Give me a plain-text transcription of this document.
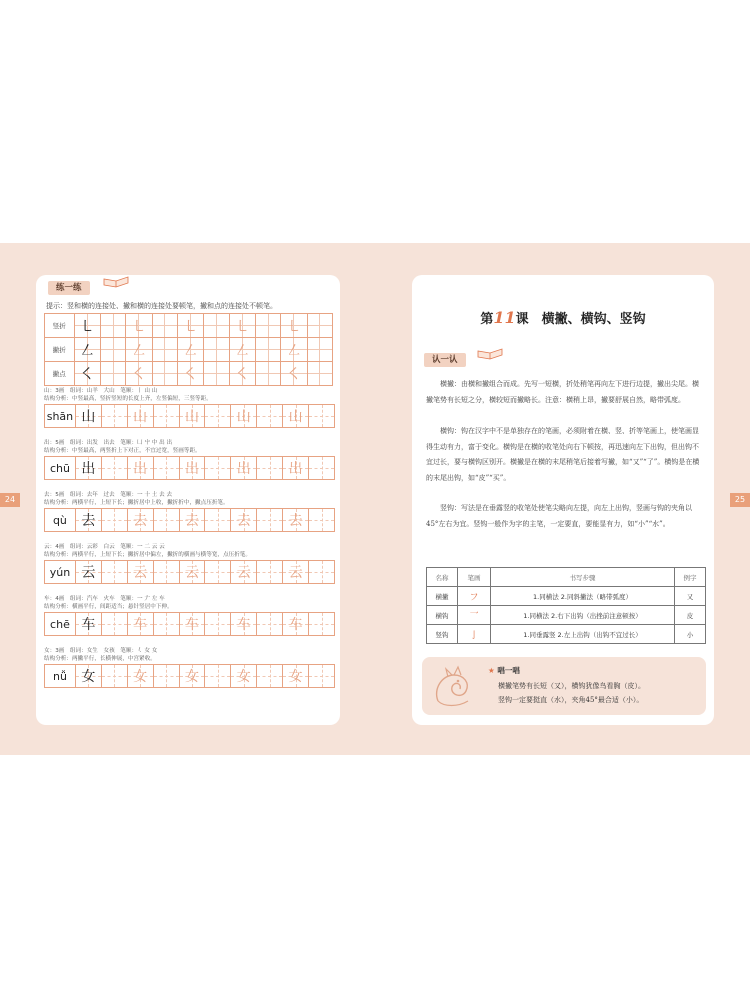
24	25
练一练
提示：竖和横的连接处、撇和横的连接处要顿笔，撇和点的连接处不顿笔。
竖折	㇄		㇄		㇄		㇄		㇄	
撇折	㇜		㇜		㇜		㇜		㇜	
撇点	㇛		㇛		㇛		㇛		㇛	
山：3画　组词：山羊　大山　笔顺：丨 山 山
结构分析：中竖最高，竖折竖短的长度上齐，左竖偏短，三竖等距。
shān 山	山	山	山	山
出：5画　组词：出发　出去　笔顺：凵 屮 中 出 出
结构分析：中竖最高，两竖折上下对正，不宜过宽，竖画等距。
chū 出	出	出	出	出
去：5画　组词：去年　过去　笔顺：一 十 土 去 去
结构分析：两横平行，上短下长；撇折居中上收，撇折折中，撇点压折笔。
qù	去	去	去	去	去
云：4画　组词：云彩　白云　笔顺：一 二 云 云
结构分析：两横平行，上短下长；撇折居中偏左，撇折的横画与横等宽，点压折笔。
yún 云	云	云	云	云
车：4画　组词：汽车　火车　笔顺：一 𠂇 左 车
结构分析：横画平行，间距适当；悬针竖居中下伸。
chē 车	车	车	车	车
女：3画　组词：女生　女孩　笔顺：𡿨 女 女
结构分析：两撇平行，长横伸展，中宫紧收。
nǚ	女	女	女	女	女
第11课　横撇、横钩、竖钩
认一认
横撇：由横和撇组合而成。先写一短横，折处稍笔再向左下进行边提，撇出尖尾。横撇笔势有长短之分，横较短而撇略长。注意：横稍上昂，撇要舒展自然，略带弧度。
横钩：钩在汉字中不是单独存在的笔画，必须附着在横、竖、折等笔画上，使笔画显得生动有力，富于变化。横钩是在横的收笔处向右下顿按，再迅速向左下出钩，但出钩不宜过长，要与横钩区别开。横撇是在横的末尾稍笔后接着写撇，如“又”“了”。横钩是在横的末尾出钩，如“皮”“买”。
竖钩：写法是在垂露竖的收笔处使笔尖略向左提，向左上出钩，竖画与钩的夹角以45°左右为宜。竖钩一般作为字的主笔，一定要直，要能显有力，如“小”“水”。
名称	笔画	书写步骤	例字
横撇	フ	1.同横法 2.同斜撇法（略带弧度）	又
横钩	乛	1.同横法 2.右下出钩（出挫前注意顿按）	皮
竖钩	亅	1.同垂露竖 2.左上出钩（出钩不宜过长）	小
★ 唱一唱
横撇笔势有长短（又），横钩犹像鸟看胸（皮）。
竖钩一定要挺直（水），夹角45°最合适（小）。
